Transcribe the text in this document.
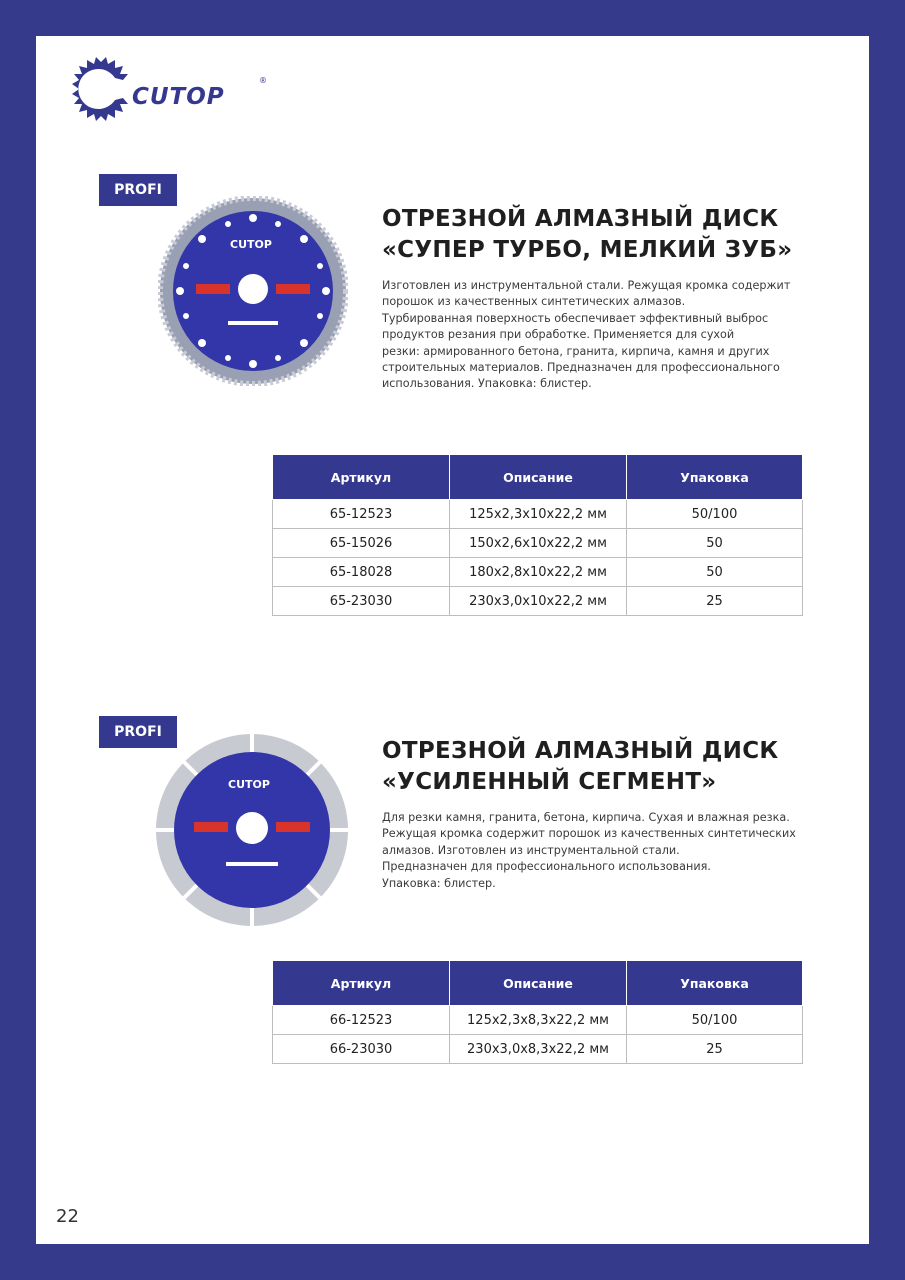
CUTOP
®
PROFI
CUTOP
ОТРЕЗНОЙ АЛМАЗНЫЙ ДИСК
«СУПЕР ТУРБО, МЕЛКИЙ ЗУБ»
Изготовлен из инструментальной стали. Режущая кромка содержит
порошок из качественных синтетических алмазов.
Турбированная поверхность обеспечивает эффективный выброс
продуктов резания при обработке. Применяется для сухой
резки: армированного бетона, гранита, кирпича, камня и других
строительных материалов. Предназначен для профессионального
использования. Упаковка: блистер.
Артикул	Описание	Упаковка
65-12523	125x2,3x10x22,2 мм	50/100
65-15026	150x2,6x10x22,2 мм	50
65-18028	180x2,8x10x22,2 мм	50
65-23030	230x3,0x10x22,2 мм	25
PROFI
CUTOP
ОТРЕЗНОЙ АЛМАЗНЫЙ ДИСК
«УСИЛЕННЫЙ СЕГМЕНТ»
Для резки камня, гранита, бетона, кирпича. Сухая и влажная резка.
Режущая кромка содержит порошок из качественных синтетических
алмазов. Изготовлен из инструментальной стали.
Предназначен для профессионального использования.
Упаковка: блистер.
Артикул	Описание	Упаковка
66-12523	125x2,3x8,3x22,2 мм	50/100
66-23030	230x3,0x8,3x22,2 мм	25
22
